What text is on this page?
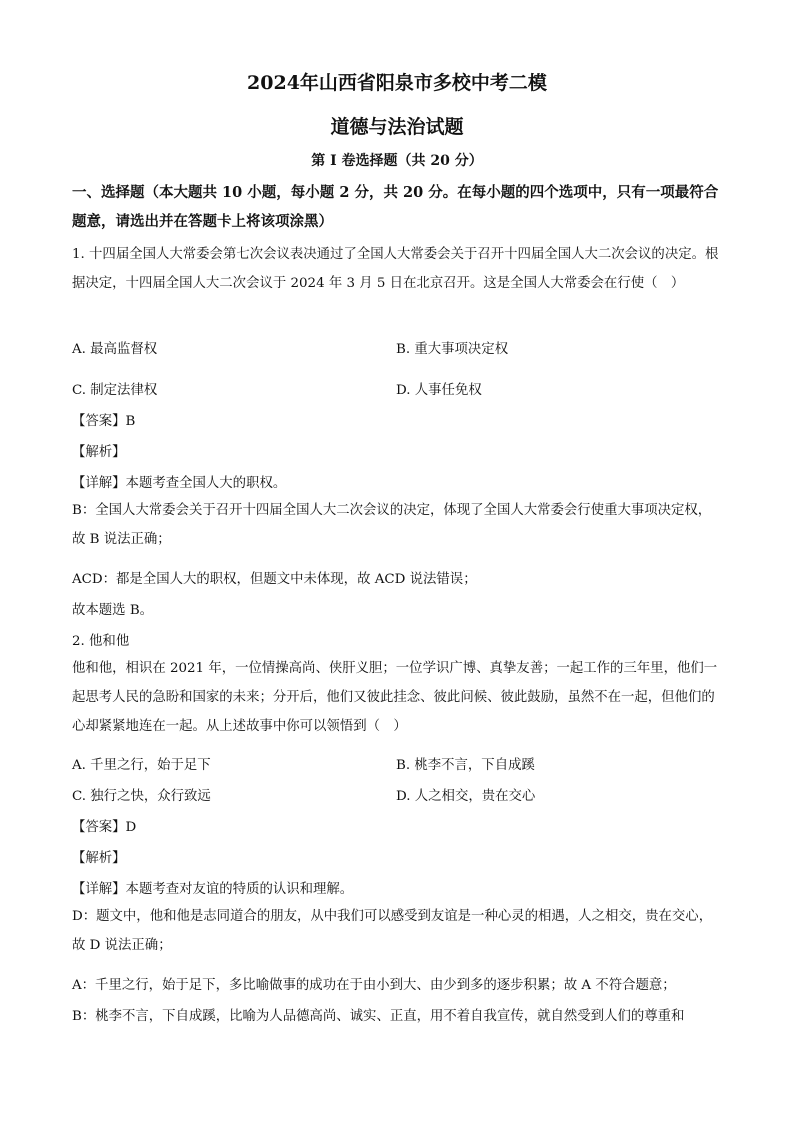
2024年山西省阳泉市多校中考二模
道德与法治试题
第 I 卷选择题（共 20 分）
一、选择题（本大题共 10 小题，每小题 2 分，共 20 分。在每小题的四个选项中，只有一项最符合题意，请选出并在答题卡上将该项涂黑）
1. 十四届全国人大常委会第七次会议表决通过了全国人大常委会关于召开十四届全国人大二次会议的决定。根据决定，十四届全国人大二次会议于 2024 年 3 月 5 日在北京召开。这是全国人大常委会在行使（　）
A. 最高监督权	B. 重大事项决定权
C. 制定法律权	D. 人事任免权
【答案】B
【解析】
【详解】本题考查全国人大的职权。
B：全国人大常委会关于召开十四届全国人大二次会议的决定，体现了全国人大常委会行使重大事项决定权，故 B 说法正确；
ACD：都是全国人大的职权，但题文中未体现，故 ACD 说法错误；
故本题选 B。
2. 他和他
他和他，相识在 2021 年，一位情操高尚、侠肝义胆；一位学识广博、真挚友善；一起工作的三年里，他们一起思考人民的急盼和国家的未来；分开后，他们又彼此挂念、彼此问候、彼此鼓励，虽然不在一起，但他们的心却紧紧地连在一起。从上述故事中你可以领悟到（　）
A. 千里之行，始于足下	B. 桃李不言，下自成蹊
C. 独行之快，众行致远	D. 人之相交，贵在交心
【答案】D
【解析】
【详解】本题考查对友谊的特质的认识和理解。
D：题文中，他和他是志同道合的朋友，从中我们可以感受到友谊是一种心灵的相遇，人之相交，贵在交心，故 D 说法正确；
A：千里之行，始于足下，多比喻做事的成功在于由小到大、由少到多的逐步积累；故 A 不符合题意；
B：桃李不言，下自成蹊，比喻为人品德高尚、诚实、正直，用不着自我宣传，就自然受到人们的尊重和
